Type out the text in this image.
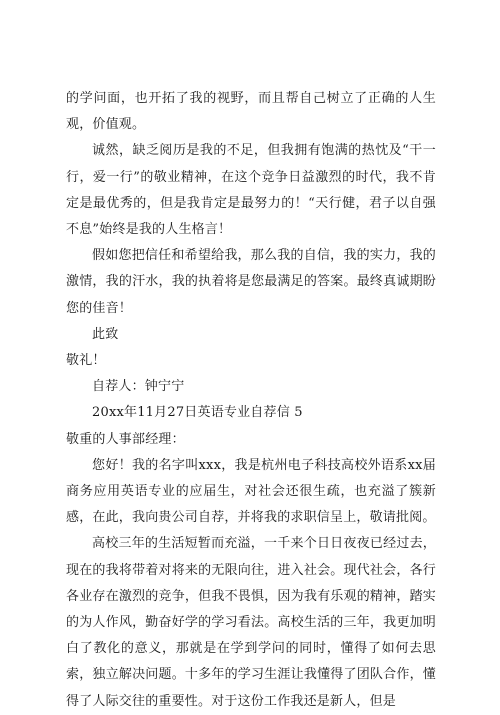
的学问面，也开拓了我的视野，而且帮自己树立了正确的人生观，价值观。

诚然，缺乏阅历是我的不足，但我拥有饱满的热忱及“干一行，爱一行”的敬业精神，在这个竞争日益激烈的时代，我不肯定是最优秀的，但是我肯定是最努力的！“天行健，君子以自强不息”始终是我的人生格言！

假如您把信任和希望给我，那么我的自信，我的实力，我的激情，我的汗水，我的执着将是您最满足的答案。最终真诚期盼您的佳音！

此致

敬礼！

自荐人：钟宁宁

20xx年11月27日英语专业自荐信 5

敬重的人事部经理：

您好！我的名字叫xxx，我是杭州电子科技高校外语系xx届商务应用英语专业的应届生，对社会还很生疏，也充溢了簇新感，在此，我向贵公司自荐，并将我的求职信呈上，敬请批阅。

高校三年的生活短暂而充溢，一千来个日日夜夜已经过去，现在的我将带着对将来的无限向往，进入社会。现代社会，各行各业存在激烈的竞争，但我不畏惧，因为我有乐观的精神，踏实的为人作风，勤奋好学的学习看法。高校生活的三年，我更加明白了教化的意义，那就是在学到学问的同时，懂得了如何去思索，独立解决问题。十多年的学习生涯让我懂得了团队合作，懂得了人际交往的重要性。对于这份工作我还是新人，但是
